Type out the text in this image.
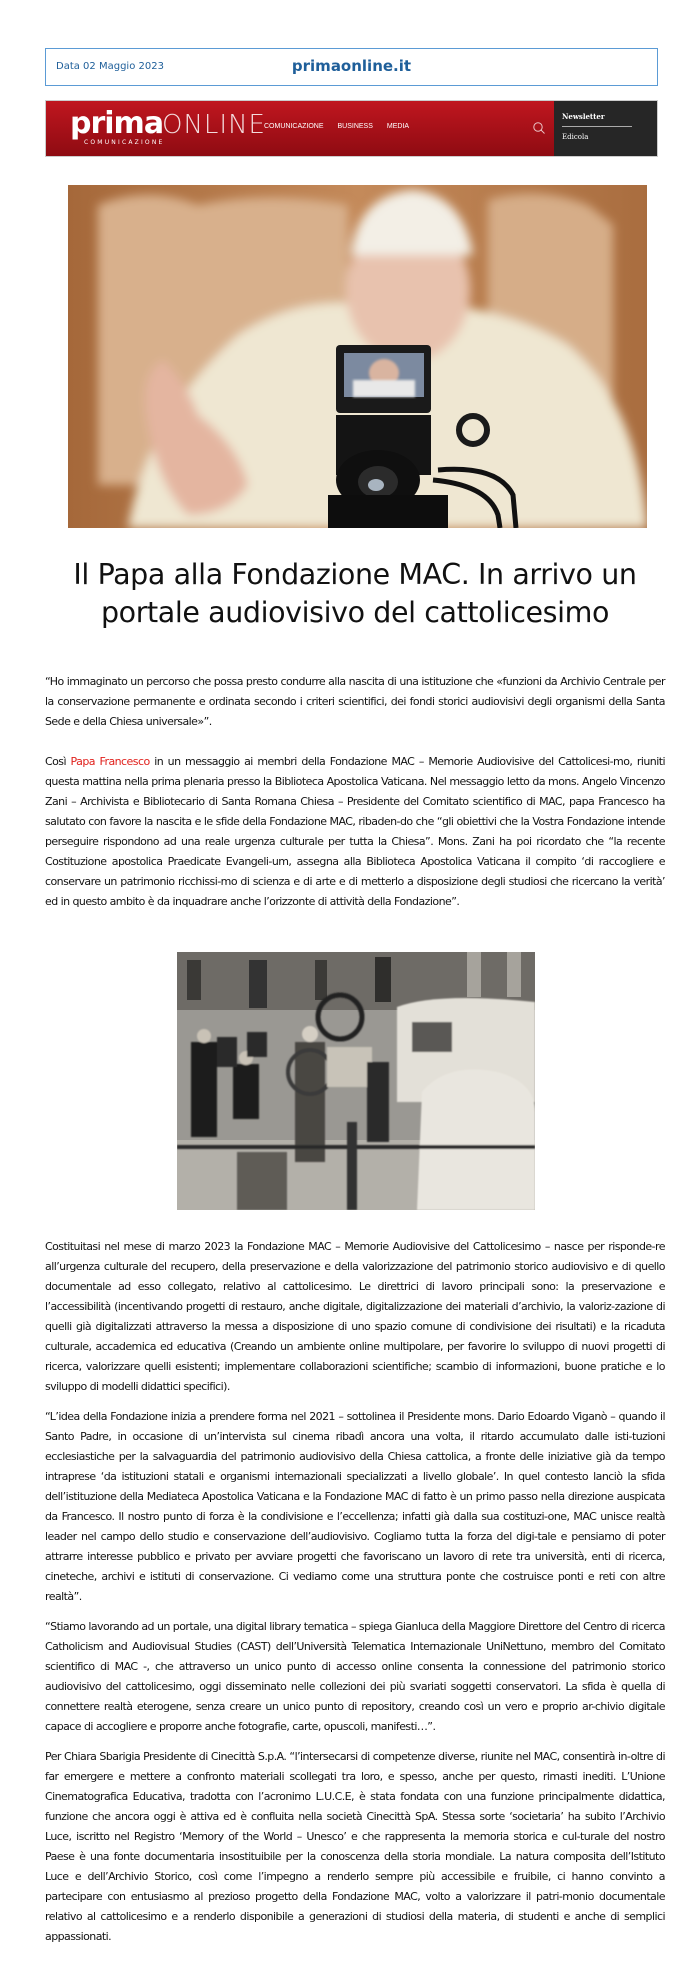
Data 02 Maggio 2023	primaonline.it
prima
COMUNICAZIONE
ONLINE
COMUNICAZIONE BUSINESS MEDIA
Newsletter
Edicola
Il Papa alla Fondazione MAC. In arrivo un portale audiovisivo del cattolicesimo

“Ho immaginato un percorso che possa presto condurre alla nascita di una istituzione che «funzioni da Archivio Centrale per la conservazione permanente e ordinata secondo i criteri scientifici, dei fondi storici audiovisivi degli organismi della Santa Sede e della Chiesa universale»”.

Così Papa Francesco in un messaggio ai membri della Fondazione MAC – Memorie Audiovisive del Cattolicesi-mo, riuniti questa mattina nella prima plenaria presso la Biblioteca Apostolica Vaticana. Nel messaggio letto da mons. Angelo Vincenzo Zani – Archivista e Bibliotecario di Santa Romana Chiesa – Presidente del Comitato scientifico di MAC, papa Francesco ha salutato con favore la nascita e le sfide della Fondazione MAC, ribaden-do che “gli obiettivi che la Vostra Fondazione intende perseguire rispondono ad una reale urgenza culturale per tutta la Chiesa”. Mons. Zani ha poi ricordato che “la recente Costituzione apostolica Praedicate Evangeli-um, assegna alla Biblioteca Apostolica Vaticana il compito ‘di raccogliere e conservare un patrimonio ricchissi-mo di scienza e di arte e di metterlo a disposizione degli studiosi che ricercano la verità’ ed in questo ambito è da inquadrare anche l’orizzonte di attività della Fondazione”.

Costituitasi nel mese di marzo 2023 la Fondazione MAC – Memorie Audiovisive del Cattolicesimo – nasce per risponde-re all’urgenza culturale del recupero, della preservazione e della valorizzazione del patrimonio storico audiovisivo e di quello documentale ad esso collegato, relativo al cattolicesimo. Le direttrici di lavoro principali sono: la preservazione e l’accessibilità (incentivando progetti di restauro, anche digitale, digitalizzazione dei materiali d’archivio, la valoriz-zazione di quelli già digitalizzati attraverso la messa a disposizione di uno spazio comune di condivisione dei risultati) e la ricaduta culturale, accademica ed educativa (Creando un ambiente online multipolare, per favorire lo sviluppo di nuovi progetti di ricerca, valorizzare quelli esistenti; implementare collaborazioni scientifiche; scambio di informazioni, buone pratiche e lo sviluppo di modelli didattici specifici).

“L’idea della Fondazione inizia a prendere forma nel 2021 – sottolinea il Presidente mons. Dario Edoardo Viganò – quando il Santo Padre, in occasione di un’intervista sul cinema ribadì ancora una volta, il ritardo accumulato dalle isti-tuzioni ecclesiastiche per la salvaguardia del patrimonio audiovisivo della Chiesa cattolica, a fronte delle iniziative già da tempo intraprese ‘da istituzioni statali e organismi internazionali specializzati a livello globale’. In quel contesto lanciò la sfida dell’istituzione della Mediateca Apostolica Vaticana e la Fondazione MAC di fatto è un primo passo nella direzione auspicata da Francesco. Il nostro punto di forza è la condivisione e l’eccellenza; infatti già dalla sua costituzi-one, MAC unisce realtà leader nel campo dello studio e conservazione dell’audiovisivo. Cogliamo tutta la forza del digi-tale e pensiamo di poter attrarre interesse pubblico e privato per avviare progetti che favoriscano un lavoro di rete tra università, enti di ricerca, cineteche, archivi e istituti di conservazione. Ci vediamo come una struttura ponte che costruisce ponti e reti con altre realtà”.

“Stiamo lavorando ad un portale, una digital library tematica – spiega Gianluca della Maggiore Direttore del Centro di ricerca Catholicism and Audiovisual Studies (CAST) dell’Università Telematica Internazionale UniNettuno, membro del Comitato scientifico di MAC -, che attraverso un unico punto di accesso online consenta la connessione del patrimonio storico audiovisivo del cattolicesimo, oggi disseminato nelle collezioni dei più svariati soggetti conservatori. La sfida è quella di connettere realtà eterogene, senza creare un unico punto di repository, creando così un vero e proprio ar-chivio digitale capace di accogliere e proporre anche fotografie, carte, opuscoli, manifesti…”.

Per Chiara Sbarigia Presidente di Cinecittà S.p.A. “l’intersecarsi di competenze diverse, riunite nel MAC, consentirà in-oltre di far emergere e mettere a confronto materiali scollegati tra loro, e spesso, anche per questo, rimasti inediti. L’Unione Cinematografica Educativa, tradotta con l’acronimo L.U.C.E, è stata fondata con una funzione principalmente didattica, funzione che ancora oggi è attiva ed è confluita nella società Cinecittà SpA. Stessa sorte ‘societaria’ ha subito l’Archivio Luce, iscritto nel Registro ‘Memory of the World – Unesco’ e che rappresenta la memoria storica e cul-turale del nostro Paese è una fonte documentaria insostituibile per la conoscenza della storia mondiale. La natura composita dell’Istituto Luce e dell’Archivio Storico, così come l’impegno a renderlo sempre più accessibile e fruibile, ci hanno convinto a partecipare con entusiasmo al prezioso progetto della Fondazione MAC, volto a valorizzare il patri-monio documentale relativo al cattolicesimo e a renderlo disponibile a generazioni di studiosi della materia, di studenti e anche di semplici appassionati.
